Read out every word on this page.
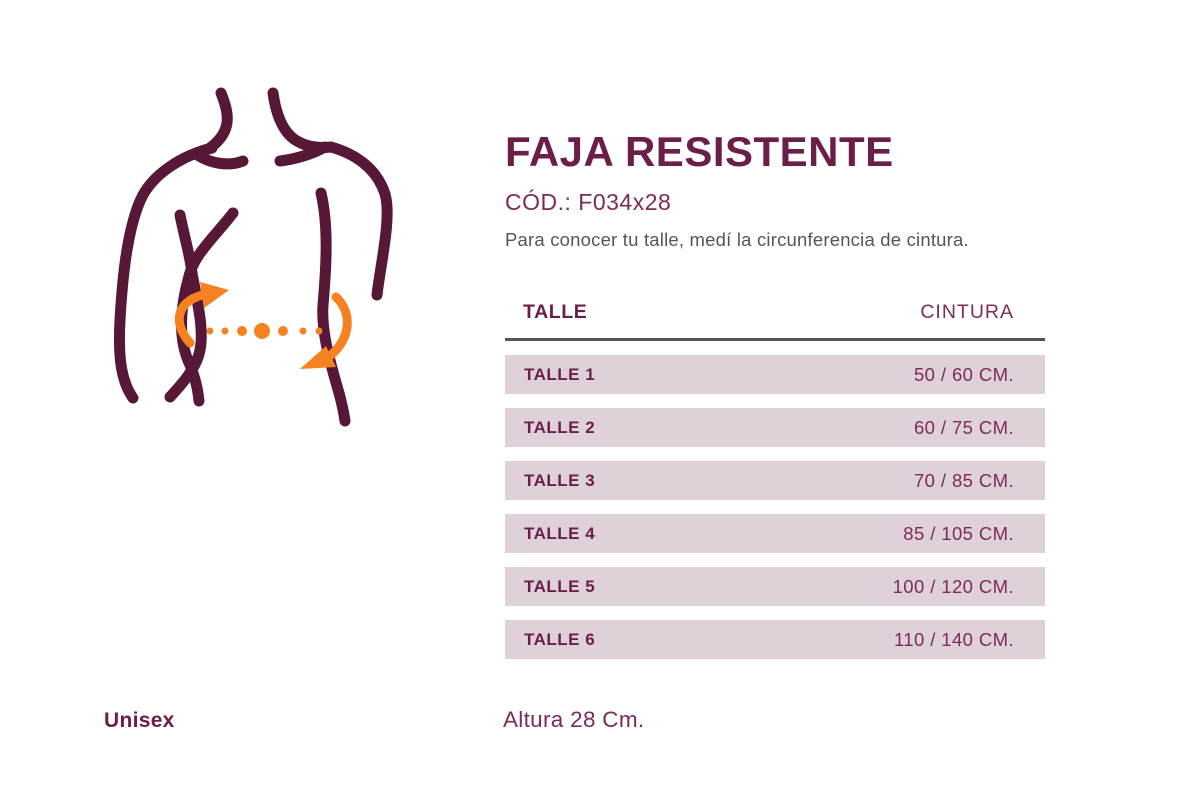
FAJA RESISTENTE
CÓD.: F034x28
Para conocer tu talle, medí la circunferencia de cintura.
TALLE	CINTURA
TALLE 1	50 / 60 CM.
TALLE 2	60 / 75 CM.
TALLE 3	70 / 85 CM.
TALLE 4	85 / 105 CM.
TALLE 5	100 / 120 CM.
TALLE 6	110 / 140 CM.
Unisex	Altura 28 Cm.
